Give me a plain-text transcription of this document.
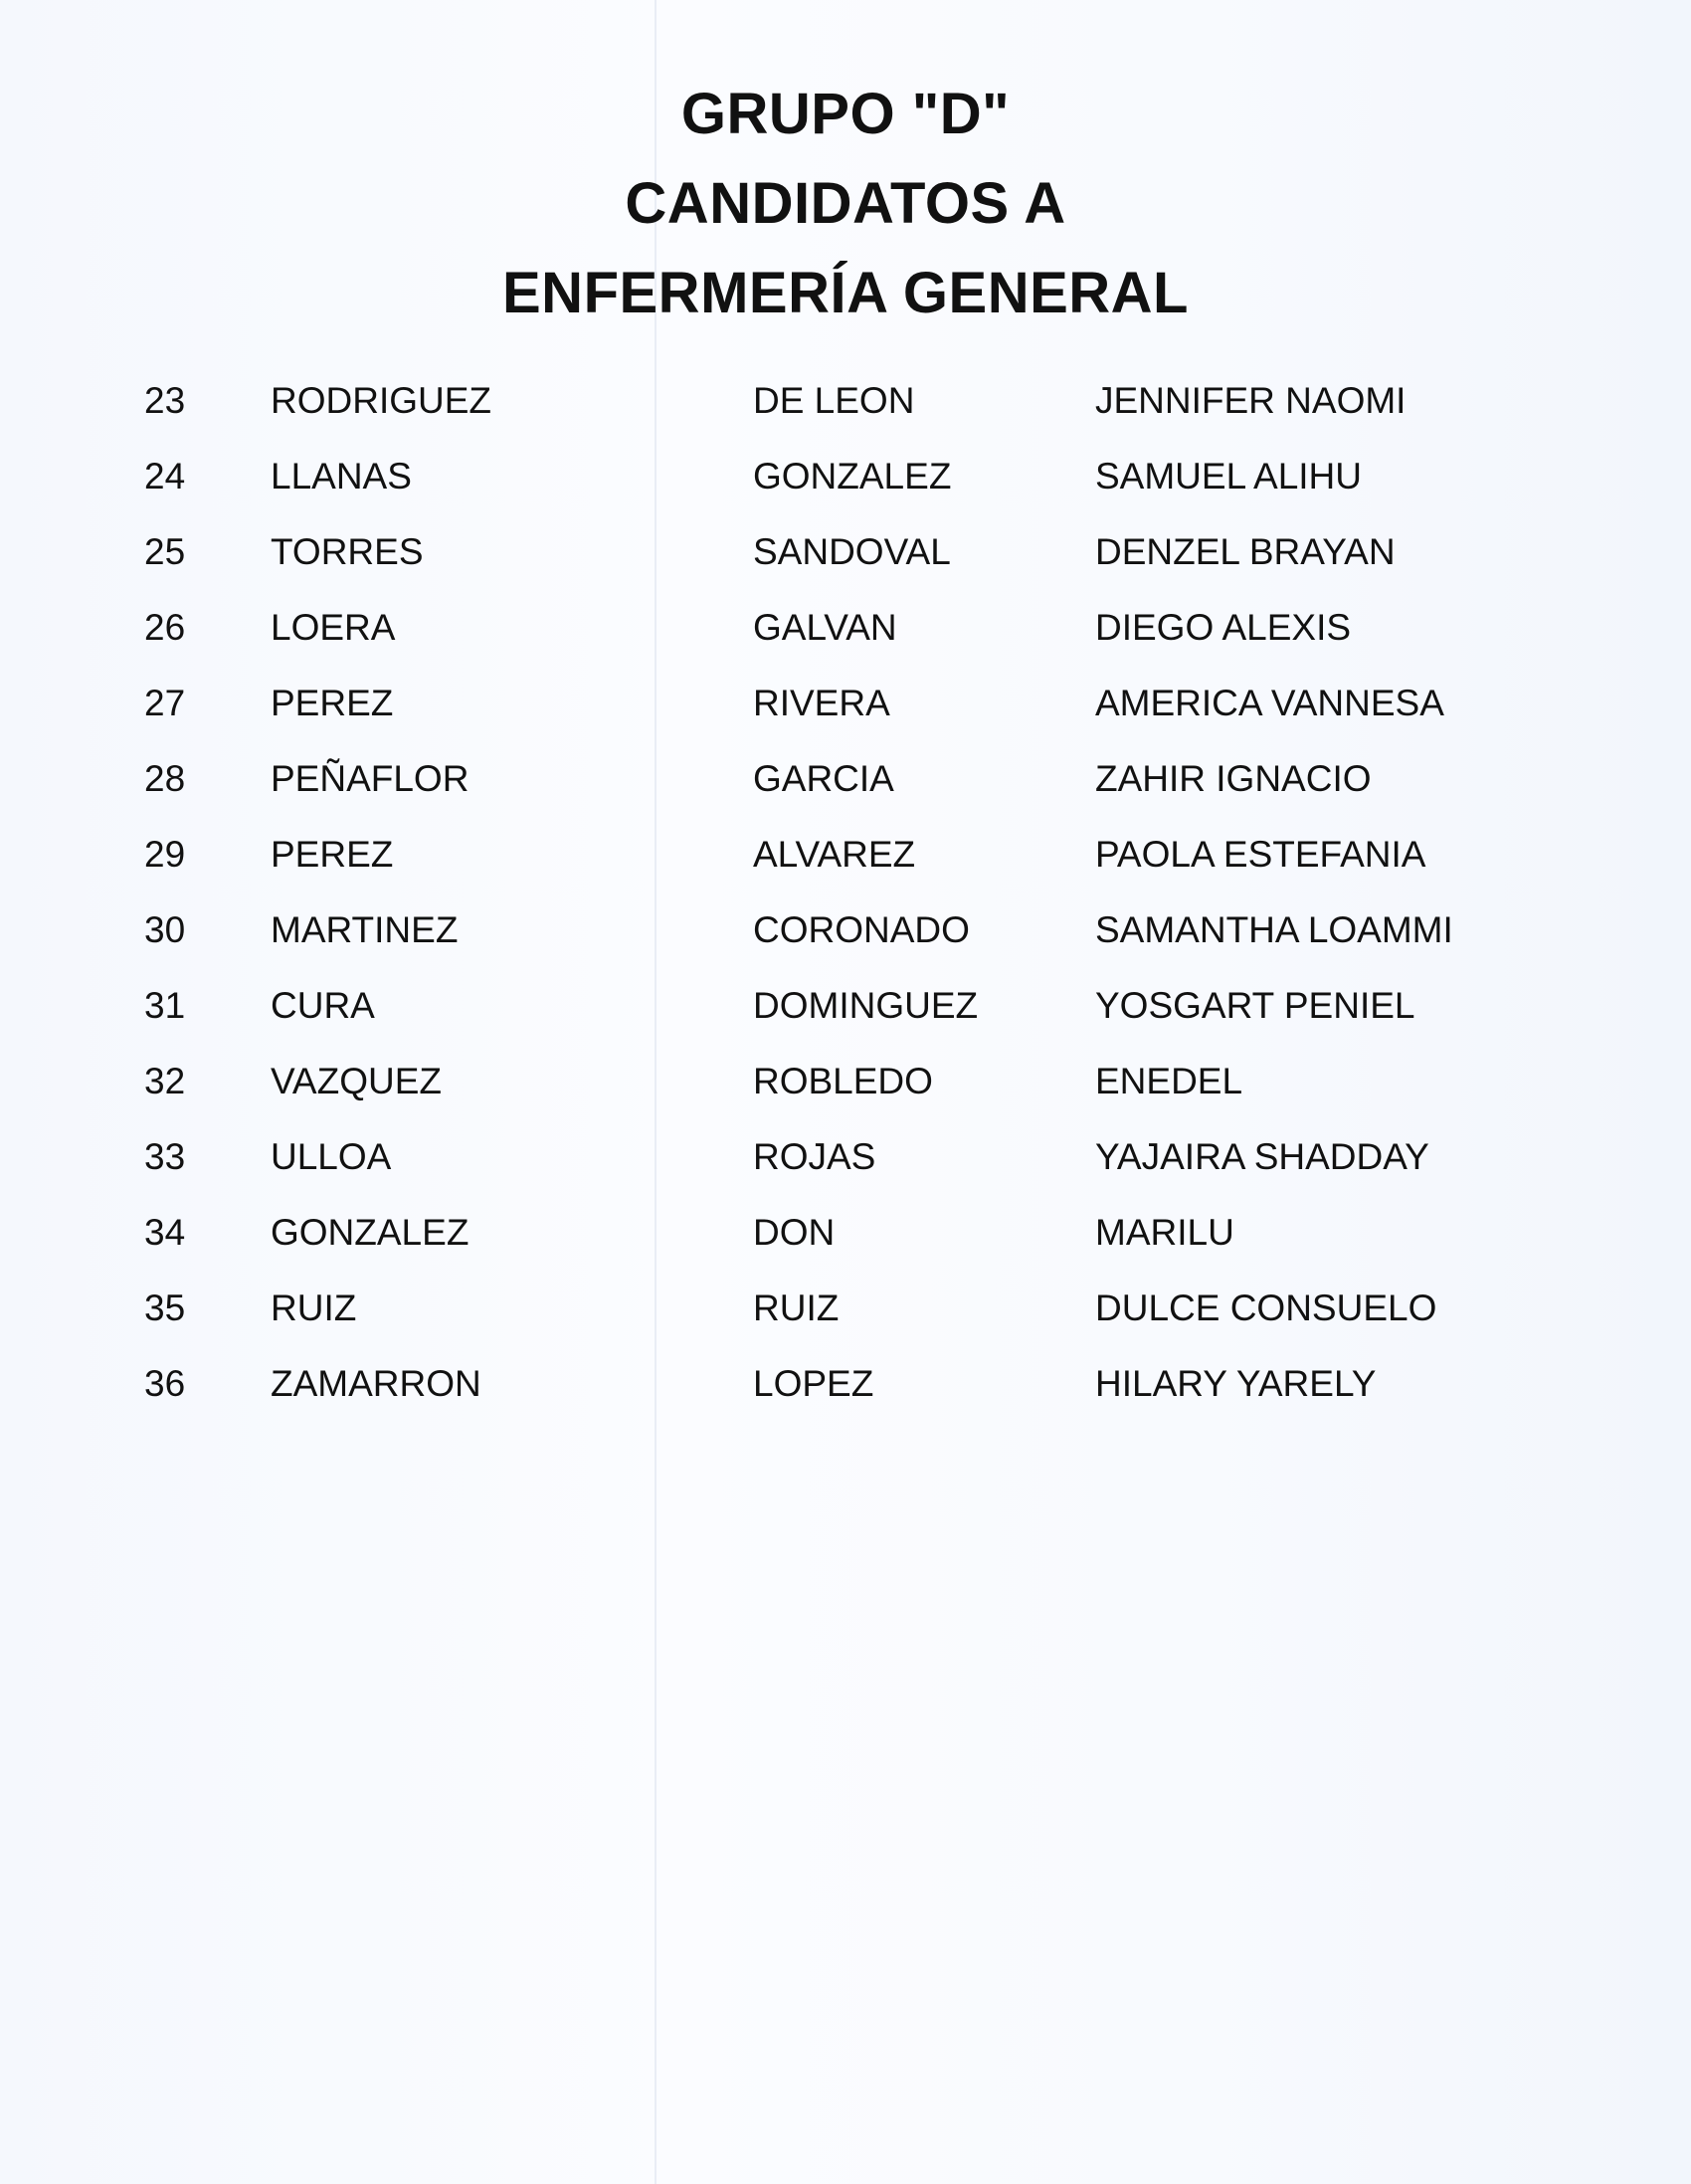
GRUPO "D"
CANDIDATOS A
ENFERMERÍA GENERAL
23	RODRIGUEZ	DE LEON	JENNIFER NAOMI
24	LLANAS	GONZALEZ	SAMUEL ALIHU
25	TORRES	SANDOVAL	DENZEL BRAYAN
26	LOERA	GALVAN	DIEGO ALEXIS
27	PEREZ	RIVERA	AMERICA VANNESA
28	PEÑAFLOR	GARCIA	ZAHIR IGNACIO
29	PEREZ	ALVAREZ	PAOLA ESTEFANIA
30	MARTINEZ	CORONADO	SAMANTHA LOAMMI
31	CURA	DOMINGUEZ	YOSGART PENIEL
32	VAZQUEZ	ROBLEDO	ENEDEL
33	ULLOA	ROJAS	YAJAIRA SHADDAY
34	GONZALEZ	DON	MARILU
35	RUIZ	RUIZ	DULCE CONSUELO
36	ZAMARRON	LOPEZ	HILARY YARELY
